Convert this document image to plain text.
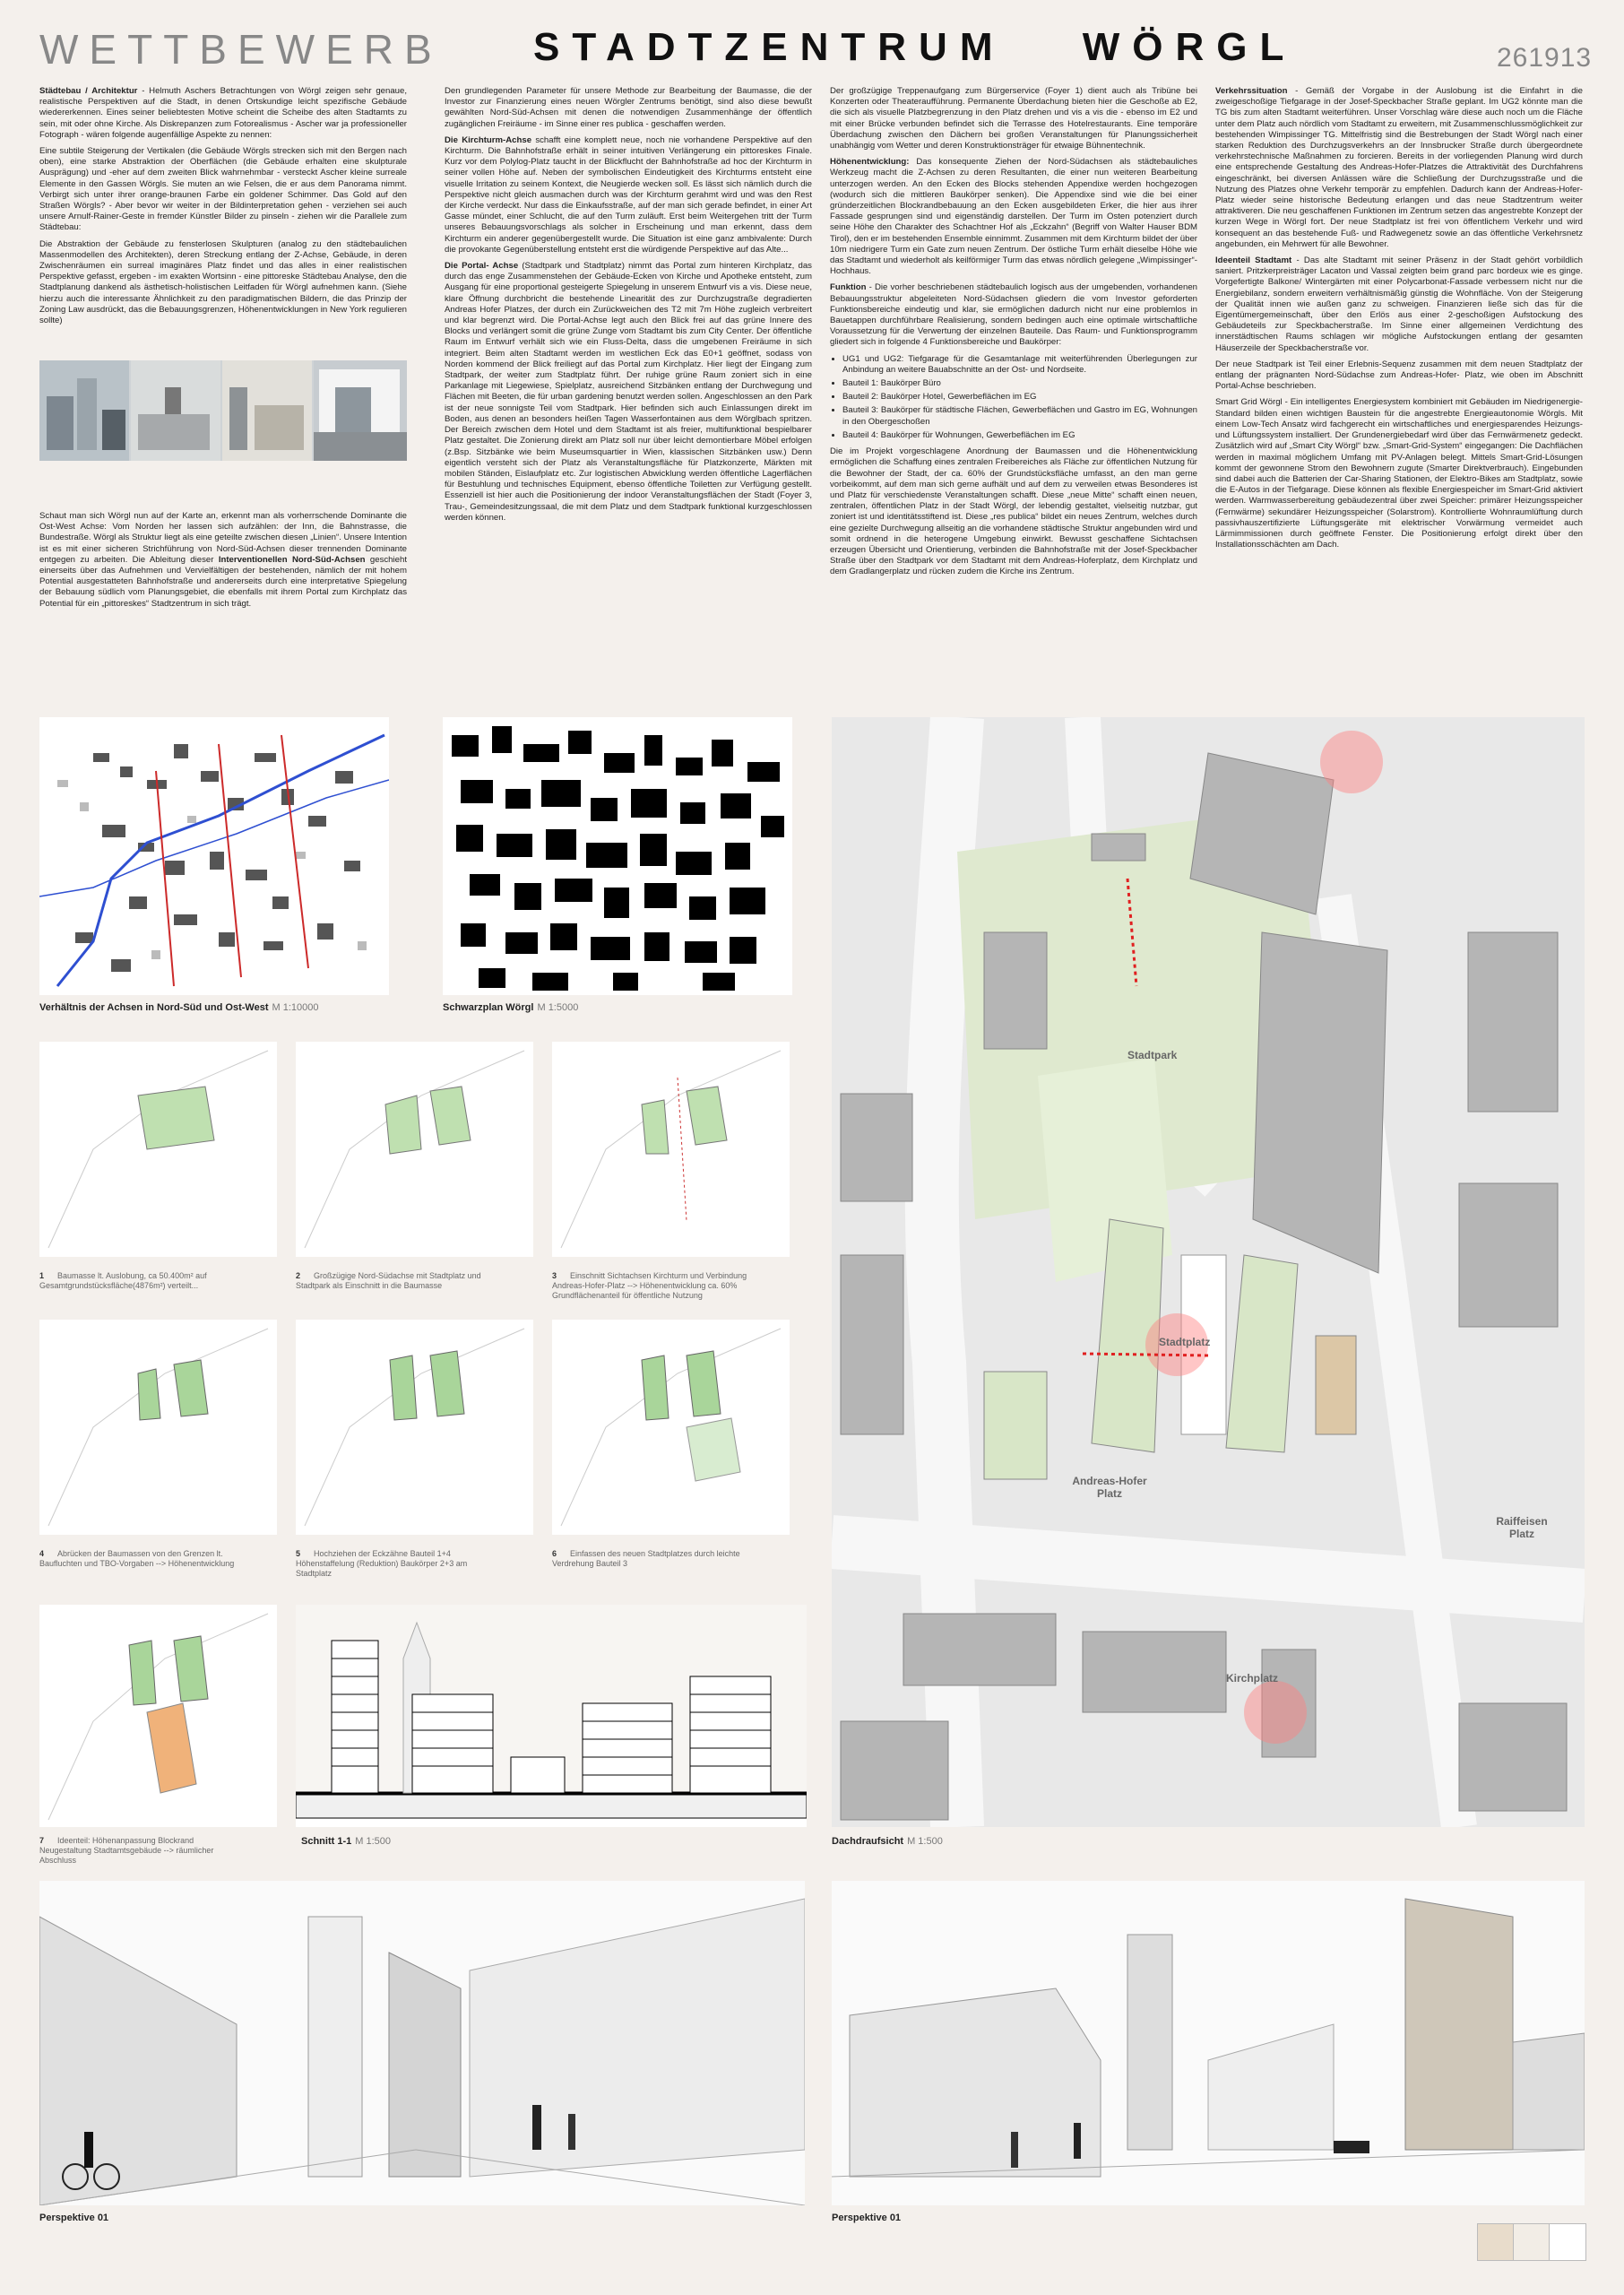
WETTBEWERB STADTZENTRUM WÖRGL	261913

Städtebau / Architektur - Helmuth Aschers Betrachtungen von Wörgl zeigen sehr genaue, realistische Perspektiven auf die Stadt, in denen Ortskundige leicht spezifische Gebäude wiedererkennen. Eines seiner beliebtesten Motive scheint die Scheibe des alten Stadtamts zu sein, mit oder ohne Kirche. Als Diskrepanzen zum Fotorealismus - Ascher war ja professioneller Fotograph - wären folgende augenfällige Aspekte zu nennen:

Eine subtile Steigerung der Vertikalen (die Gebäude Wörgls strecken sich mit den Bergen nach oben), eine starke Abstraktion der Oberflächen (die Gebäude erhalten eine skulpturale Ausprägung) und -eher auf dem zweiten Blick wahrnehmbar - versteckt Ascher kleine surreale Elemente in den Gassen Wörgls. Sie muten an wie Felsen, die er aus dem Panorama nimmt. Verbirgt sich unter ihrer orange-braunen Farbe ein goldener Schimmer. Das Gold auf den Straßen Wörgls? - Aber bevor wir weiter in der Bildinterpretation gehen - verziehen sei auch unsere Arnulf-Rainer-Geste in fremder Künstler Bilder zu pinseln - ziehen wir die Parallele zum Städtebau:

Die Abstraktion der Gebäude zu fensterlosen Skulpturen (analog zu den städtebaulichen Massenmodellen des Architekten), deren Streckung entlang der Z-Achse, Gebäude, in deren Zwischenräumen ein surreal imaginäres Platz findet und das alles in einer realistischen Perspektive gefasst, ergeben - im exakten Wortsinn - eine pittoreske Städtebau Analyse, den die Stadtplanung dankend als ästhetisch-holistischen Leitfaden für Wörgl aufnehmen kann. (Siehe hierzu auch die interessante Ähnlichkeit zu den paradigmatischen Bildern, die das Prinzip der Zoning Law ausdrückt, das die Bebauungsgrenzen, Höhenentwicklungen in New York regulieren sollte)

Schaut man sich Wörgl nun auf der Karte an, erkennt man als vorherrschende Dominante die Ost-West Achse: Vom Norden her lassen sich aufzählen: der Inn, die Bahnstrasse, die Bundestraße. Wörgl als Struktur liegt als eine geteilte zwischen diesen „Linien“. Unsere Intention ist es mit einer sicheren Strichführung von Nord-Süd-Achsen dieser trennenden Dominante entgegen zu arbeiten. Die Ableitung dieser Interventionellen Nord-Süd-Achsen geschieht einerseits über das Aufnehmen und Vervielfältigen der bestehenden, nämlich der mit hohem Potential ausgestatteten Bahnhofstraße und andererseits durch eine interpretative Spiegelung der Bebauung südlich vom Planungsgebiet, die ebenfalls mit ihrem Portal zum Kirchplatz das Potential für ein „pittoreskes“ Stadtzentrum in sich trägt.

Den grundlegenden Parameter für unsere Methode zur Bearbeitung der Baumasse, die der Investor zur Finanzierung eines neuen Wörgler Zentrums benötigt, sind also diese bewußt gewählten Nord-Süd-Achsen mit denen die notwendigen Zusammenhänge der öffentlich zugänglichen Freiräume - im Sinne einer res publica - geschaffen werden.

Die Kirchturm-Achse schafft eine komplett neue, noch nie vorhandene Perspektive auf den Kirchturm. Die Bahnhofstraße erhält in seiner intuitiven Verlängerung ein pittoreskes Finale. Kurz vor dem Polylog-Platz taucht in der Blickflucht der Bahnhofstraße ad hoc der Kirchturm in seiner vollen Höhe auf. Neben der symbolischen Eindeutigkeit des Kirchturms entsteht eine visuelle Irritation zu seinem Kontext, die Neugierde wecken soll. Es lässt sich nämlich durch die Perspektive nicht gleich ausmachen durch was der Kirchturm gerahmt wird und was den Rest der Kirche verdeckt. Nur dass die Einkaufsstraße, auf der man sich gerade befindet, in einer Art Gasse mündet, einer Schlucht, die auf den Turm zuläuft. Erst beim Weitergehen tritt der Turm unseres Bebauungsvorschlags als solcher in Erscheinung und man erkennt, dass dem Kirchturm ein anderer gegenübergestellt wurde. Die Situation ist eine ganz ambivalente: Durch die provokante Gegenüberstellung entsteht erst die würdigende Perspektive auf das Alte...

Die Portal- Achse (Stadtpark und Stadtplatz) nimmt das Portal zum hinteren Kirchplatz, das durch das enge Zusammenstehen der Gebäude-Ecken von Kirche und Apotheke entsteht, zum Ausgang für eine proportional gesteigerte Spiegelung in unserem Entwurf vis a vis. Diese neue, klare Öffnung durchbricht die bestehende Linearität des zur Durchzugstraße degradierten Andreas Hofer Platzes, der durch ein Zurückweichen des T2 mit 7m Höhe zugleich verbreitert und klar begrenzt wird. Die Portal-Achse legt auch den Blick frei auf das grüne Innere des Blocks und verlängert somit die grüne Zunge vom Stadtamt bis zum City Center. Der öffentliche Raum im Entwurf verhält sich wie ein Fluss-Delta, dass die umgebenen Freiräume in sich integriert. Beim alten Stadtamt werden im westlichen Eck das E0+1 geöffnet, sodass von Norden kommend der Blick freiliegt auf das Portal zum Kirchplatz. Hier liegt der Eingang zum Stadtpark, der weiter zum Stadtplatz führt. Der ruhige grüne Raum zoniert sich in eine Parkanlage mit Liegewiese, Spielplatz, ausreichend Sitzbänken entlang der Durchwegung und Flächen mit Beeten, die für urban gardening benutzt werden sollen. Angeschlossen an den Park ist der neue sonnigste Teil vom Stadtpark. Hier befinden sich auch Einlassungen direkt im Boden, aus denen an besonders heißen Tagen Wasserfontainen aus dem Wörglbach spritzen. Der Bereich zwischen dem Hotel und dem Stadtamt ist als freier, multifunktional bespielbarer Platz gestaltet. Die Zonierung direkt am Platz soll nur über leicht demontierbare Möbel erfolgen (z.Bsp. Sitzbänke wie beim Museumsquartier in Wien, klassischen Sitzbänken usw.) Denn eigentlich versteht sich der Platz als Veranstaltungsfläche für Platzkonzerte, Märkten mit mobilen Ständen, Eislaufplatz etc. Zur logistischen Abwicklung werden öffentliche Lagerflächen für Bestuhlung und technisches Equipment, ebenso öffentliche Toiletten zur Verfügung gestellt. Essenziell ist hier auch die Positionierung der indoor Veranstaltungsflächen der Stadt (Foyer 3, Trau-, Gemeindesitzungssaal, die mit dem Platz und dem Stadtpark funktional kurzgeschlossen werden können.

Der großzügige Treppenaufgang zum Bürgerservice (Foyer 1) dient auch als Tribüne bei Konzerten oder Theateraufführung. Permanente Überdachung bieten hier die Geschoße ab E2, die sich als visuelle Platzbegrenzung in den Platz drehen und vis a vis die - ebenso im E2 und mit einer Brücke verbunden befindet sich die Terrasse des Hotelrestaurants. Eine temporäre Überdachung zwischen den Dächern bei großen Veranstaltungen für Planungssicherheit unabhängig vom Wetter und deren Konstruktionsträger für etwaige Bühnentechnik.

Höhenentwicklung: Das konsequente Ziehen der Nord-Südachsen als städtebauliches Werkzeug macht die Z-Achsen zu deren Resultanten, die einer nun weiteren Bearbeitung unterzogen werden. An den Ecken des Blocks stehenden Appendixe werden hochgezogen (wodurch sich die mittleren Baukörper senken). Die Appendixe sind wie die bei einer gründerzeitlichen Blockrandbebauung an den Ecken ausgebildeten Erker, die hier aus ihrer Fassade gesprungen sind und eigenständig darstellen. Der Turm im Osten potenziert durch seine Höhe den Charakter des Schachtner Hof als „Eckzahn“ (Begriff von Walter Hauser BDM Tirol), den er im bestehenden Ensemble einnimmt. Zusammen mit dem Kirchturm bildet der über 10m niedrigere Turm ein Gate zum neuen Zentrum. Der östliche Turm erhält dieselbe Höhe wie das Stadtamt und wiederholt als keilförmiger Turm das etwas nördlich gelegene „Wimpissinger“-Hochhaus.

Funktion - Die vorher beschriebenen städtebaulich logisch aus der umgebenden, vorhandenen Bebauungsstruktur abgeleiteten Nord-Südachsen gliedern die vom Investor geforderten Funktionsbereiche eindeutig und klar, sie ermöglichen dadurch nicht nur eine problemlos in Bauetappen durchführbare Realisierung, sondern bedingen auch eine optimale wirtschaftliche Voraussetzung für die Verwertung der einzelnen Bauteile. Das Raum- und Funktionsprogramm gliedert sich in folgende 4 Funktionsbereiche und Baukörper:

• UG1 und UG2: Tiefgarage für die Gesamtanlage mit weiterführenden Überlegungen zur Anbindung an weitere Bauabschnitte an der Ost- und Nordseite.
• Bauteil 1: Baukörper Büro
• Bauteil 2: Baukörper Hotel, Gewerbeflächen im EG
• Bauteil 3: Baukörper für städtische Flächen, Gewerbeflächen und Gastro im EG, Wohnungen in den Obergeschoßen
• Bauteil 4: Baukörper für Wohnungen, Gewerbeflächen im EG

Die im Projekt vorgeschlagene Anordnung der Baumassen und die Höhenentwicklung ermöglichen die Schaffung eines zentralen Freibereiches als Fläche zur öffentlichen Nutzung für die Bewohner der Stadt, der ca. 60% der Grundstücksfläche umfasst, an den man gerne vorbeikommt, auf dem man sich gerne aufhält und auf dem zu verweilen etwas Besonderes ist und Platz für verschiedenste Veranstaltungen schafft. Diese „neue Mitte“ schafft einen neuen, zentralen, öffentlichen Platz in der Stadt Wörgl, der lebendig gestaltet, vielseitig nutzbar, gut zoniert ist und identitätsstiftend ist. Diese „res publica“ bildet ein neues Zentrum, welches durch eine gezielte Durchwegung allseitig an die vorhandene städtische Struktur angebunden wird und somit ordnend in die heterogene Umgebung einwirkt. Bewusst geschaffene Sichtachsen erzeugen Übersicht und Orientierung, verbinden die Bahnhofstraße mit der Josef-Speckbacher Straße über den Stadtpark vor dem Stadtamt mit dem Andreas-Hoferplatz, dem Kirchplatz und dem Gradlangerplatz und rücken zudem die Kirche ins Zentrum.

Verkehrssituation - Gemäß der Vorgabe in der Auslobung ist die Einfahrt in die zweigeschoßige Tiefgarage in der Josef-Speckbacher Straße geplant. Im UG2 könnte man die TG bis zum alten Stadtamt weiterführen. Unser Vorschlag wäre diese auch noch um die Fläche unter dem Platz auch nördlich vom Stadtamt zu erweitern, mit Zusammenschlussmöglichkeit zur bestehenden Wimpissinger TG. Mittelfristig sind die Bestrebungen der Stadt Wörgl nach einer starken Reduktion des Durchzugsverkehrs an der Innsbrucker Straße durch übergeordnete verkehrstechnische Maßnahmen zu forcieren. Bereits in der vorliegenden Planung wird durch eine entsprechende Gestaltung des Andreas-Hofer-Platzes die Attraktivität des Durchfahrens eingeschränkt, bei diversen Anlässen wäre die Schließung der Durchzugsstraße und die Nutzung des Platzes ohne Verkehr temporär zu empfehlen. Dadurch kann der Andreas-Hofer-Platz wieder seine historische Bedeutung erlangen und das neue Stadtzentrum weiter attraktiveren. Die neu geschaffenen Funktionen im Zentrum setzen das angestrebte Konzept der kurzen Wege in Wörgl fort. Der neue Stadtplatz ist frei von öffentlichem Verkehr und wird konsequent an das bestehende Fuß- und Radwegenetz sowie an das öffentliche Verkehrsnetz angebunden, ein Mehrwert für alle Bewohner.

Ideenteil Stadtamt - Das alte Stadtamt mit seiner Präsenz in der Stadt gehört vorbildlich saniert. Pritzkerpreisträger Lacaton und Vassal zeigten beim grand parc bordeux wie es ginge. Vorgefertigte Balkone/ Wintergärten mit einer Polycarbonat-Fassade verbessern nicht nur die Energiebilanz, sondern erweitern verhältnismäßig günstig die Wohnfläche. Von der Steigerung der Qualität innen wie außen ganz zu schweigen. Finanzieren ließe sich das für die Eigentümergemeinschaft, über den Erlös aus einer 2-geschoßigen Aufstockung des Gebäudeteils zur Speckbacherstraße. Im Sinne einer allgemeinen Verdichtung des innerstädtischen Raums schlagen wir mögliche Aufstockungen entlang der gesamten Häuserzeile der Speckbacherstraße vor.

Der neue Stadtpark ist Teil einer Erlebnis-Sequenz zusammen mit dem neuen Stadtplatz der entlang der prägnanten Nord-Südachse zum Andreas-Hofer- Platz, wie oben im Abschnitt Portal-Achse beschrieben.

Smart Grid Wörgl - Ein intelligentes Energiesystem kombiniert mit Gebäuden im Niedrigenergie-Standard bilden einen wichtigen Baustein für die angestrebte Energieautonomie Wörgls. Mit einem Low-Tech Ansatz wird fachgerecht ein wirtschaftliches und energiesparendes Heizungs- und Lüftungssystem installiert. Der Grundenergiebedarf wird über das Fernwärmenetz gedeckt. Zusätzlich wird auf „Smart City Wörgl“ bzw. „Smart-Grid-System“ eingegangen: Die Dachflächen werden in maximal möglichem Umfang mit PV-Anlagen belegt. Mittels Smart-Grid-Lösungen kommt der gewonnene Strom den Bewohnern zugute (Smarter Direktverbrauch). Eingebunden sind dabei auch die Batterien der Car-Sharing Stationen, der Elektro-Bikes am Stadtplatz, sowie die E-Autos in der Tiefgarage. Diese können als flexible Energiespeicher im Smart-Grid aktiviert werden. Warmwasserbereitung gebäudezentral über zwei Speicher: primärer Heizungsspeicher (Fernwärme) sekundärer Heizungsspeicher (Solarstrom). Kontrollierte Wohnraumlüftung durch passivhauszertifizierte Lüftungsgeräte mit elektrischer Vorwärmung vermeidet auch Lärmimmissionen durch geöffnete Fenster. Die Positionierung erfolgt direkt über den Installationsschächten am Dach.

Verhältnis der Achsen in Nord-Süd und Ost-West M 1:10000	Schwarzplan Wörgl M 1:5000
1 Baumasse lt. Auslobung, ca 50.400m² auf Gesamtgrundstücksfläche(4876m²) verteilt...
2 Großzügige Nord-Südachse mit Stadtplatz und Stadtpark als Einschnitt in die Baumasse
3 Einschnitt Sichtachsen Kirchturm und Verbindung Andreas-Hofer-Platz --> Höhenentwicklung ca. 60% Grundflächenanteil für öffentliche Nutzung
4 Abrücken der Baumassen von den Grenzen lt. Baufluchten und TBO-Vorgaben --> Höhenentwicklung
5 Hochziehen der Eckzähne Bauteil 1+4 Höhenstaffelung (Reduktion) Baukörper 2+3 am Stadtplatz
6 Einfassen des neuen Stadtplatzes durch leichte Verdrehung Bauteil 3
7 Ideenteil: Höhenanpassung Blockrand Neugestaltung Stadtamtsgebäude --> räumlicher Abschluss
Schnitt 1-1 M 1:500
Stadtpark
Stadtplatz
Andreas-Hofer Platz
Raiffeisen Platz
Kirchplatz
Dachdraufsicht M 1:500
Perspektive 01	Perspektive 01
